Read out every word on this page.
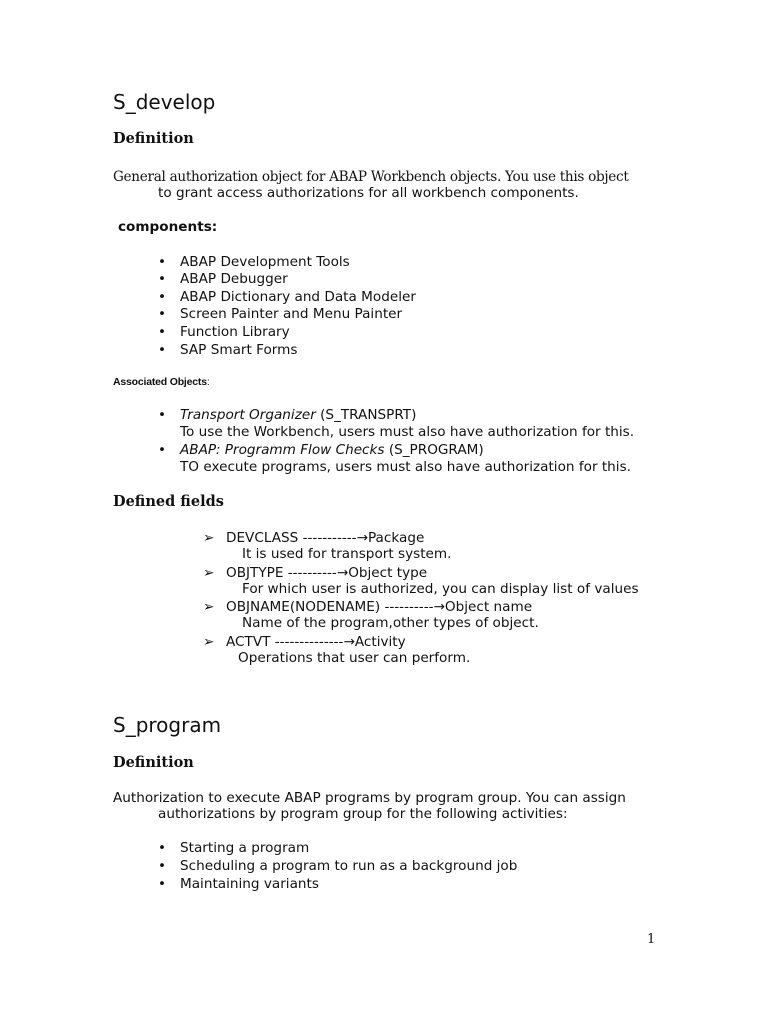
S_develop
Definition
General authorization object for ABAP Workbench objects. You use this object
to grant access authorizations for all workbench components.
components:
• ABAP Development Tools
• ABAP Debugger
• ABAP Dictionary and Data Modeler
• Screen Painter and Menu Painter
• Function Library
• SAP Smart Forms
Associated Objects:
• Transport Organizer (S_TRANSPRT)
To use the Workbench, users must also have authorization for this.
• ABAP: Programm Flow Checks (S_PROGRAM)
TO execute programs, users must also have authorization for this.
Defined fields
➢ DEVCLASS -----------→Package
It is used for transport system.
➢ OBJTYPE ----------→Object type
For which user is authorized, you can display list of values
➢ OBJNAME(NODENAME) ----------→Object name
Name of the program,other types of object.
➢ ACTVT --------------→Activity
Operations that user can perform.
S_program
Definition
Authorization to execute ABAP programs by program group. You can assign
authorizations by program group for the following activities:
• Starting a program
• Scheduling a program to run as a background job
• Maintaining variants
1
